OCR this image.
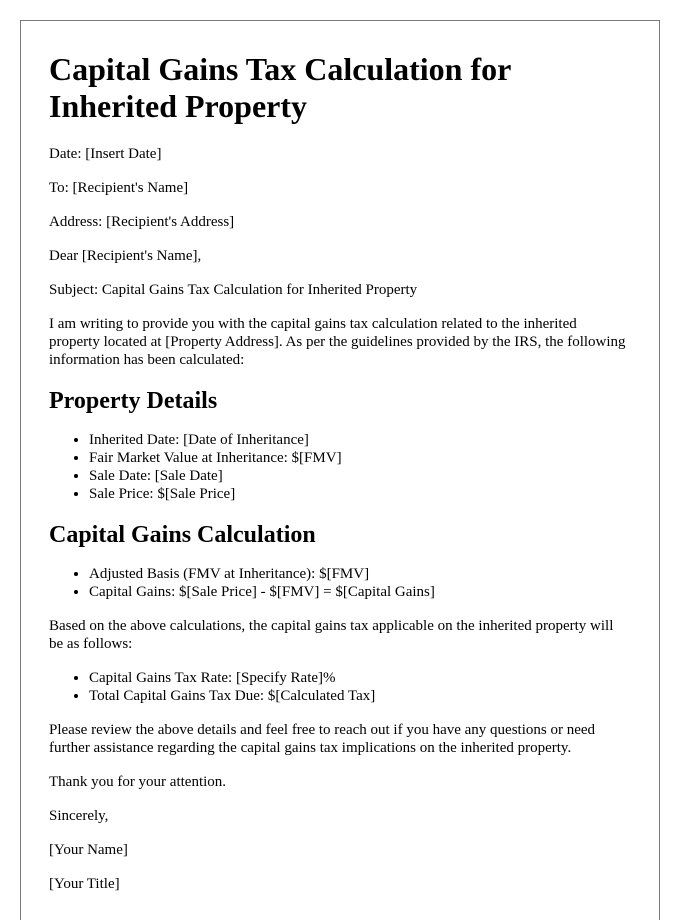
Capital Gains Tax Calculation for Inherited Property

Date: [Insert Date]

To: [Recipient's Name]

Address: [Recipient's Address]

Dear [Recipient's Name],

Subject: Capital Gains Tax Calculation for Inherited Property

I am writing to provide you with the capital gains tax calculation related to the inherited property located at [Property Address]. As per the guidelines provided by the IRS, the following information has been calculated:

Property Details
• Inherited Date: [Date of Inheritance]
• Fair Market Value at Inheritance: $[FMV]
• Sale Date: [Sale Date]
• Sale Price: $[Sale Price]
Capital Gains Calculation
• Adjusted Basis (FMV at Inheritance): $[FMV]
• Capital Gains: $[Sale Price] - $[FMV] = $[Capital Gains]

Based on the above calculations, the capital gains tax applicable on the inherited property will be as follows:

• Capital Gains Tax Rate: [Specify Rate]%
• Total Capital Gains Tax Due: $[Calculated Tax]

Please review the above details and feel free to reach out if you have any questions or need further assistance regarding the capital gains tax implications on the inherited property.

Thank you for your attention.

Sincerely,

[Your Name]

[Your Title]
